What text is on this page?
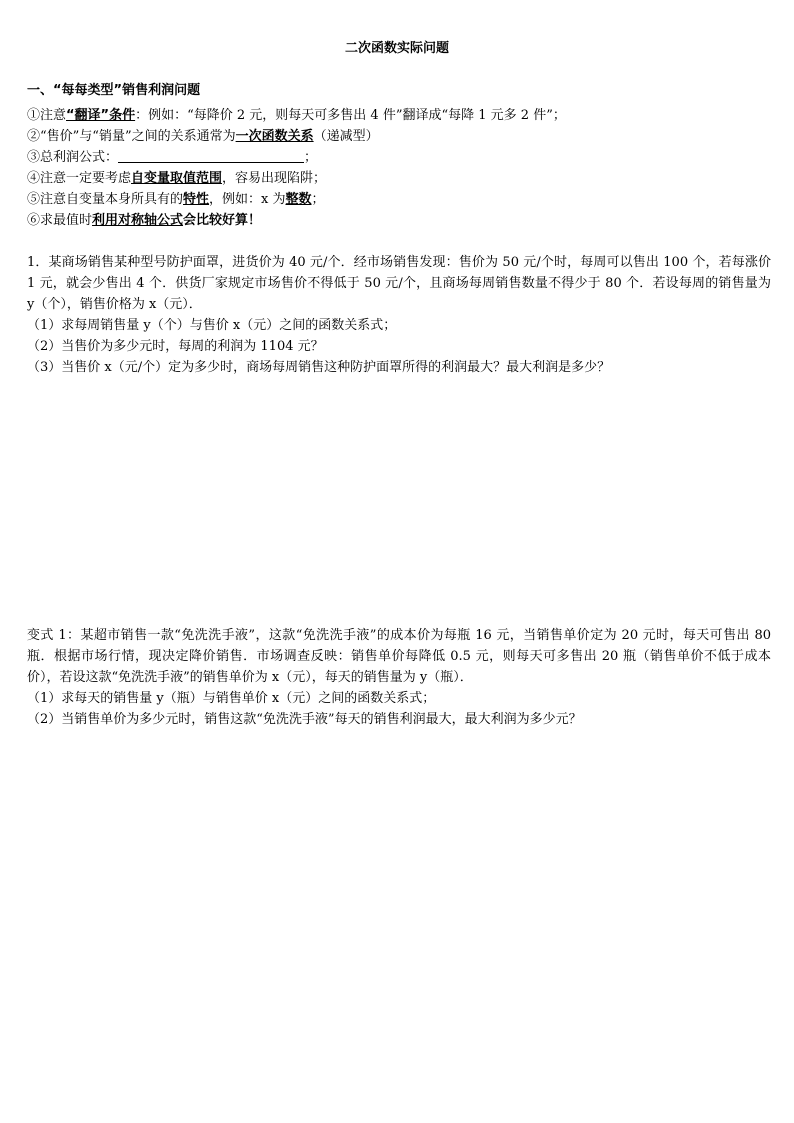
二次函数实际问题
一、“每每类型”销售利润问题
①注意“翻译”条件：例如：“每降价 2 元，则每天可多售出 4 件”翻译成“每降 1 元多 2 件”；
②“售价”与“销量”之间的关系通常为一次函数关系（递减型）
③总利润公式：	；
④注意一定要考虑自变量取值范围，容易出现陷阱；
⑤注意自变量本身所具有的特性，例如：x 为整数；
⑥求最值时利用对称轴公式会比较好算！
1．某商场销售某种型号防护面罩，进货价为 40 元/个．经市场销售发现：售价为 50 元/个时，每周可以售出 100 个，若每涨价 1 元，就会少售出 4 个．供货厂家规定市场售价不得低于 50 元/个，且商场每周销售数量不得少于 80 个．若设每周的销售量为 y（个），销售价格为 x（元）．
（1）求每周销售量 y（个）与售价 x（元）之间的函数关系式；
（2）当售价为多少元时，每周的利润为 1104 元？
（3）当售价 x（元/个）定为多少时，商场每周销售这种防护面罩所得的利润最大？最大利润是多少？
变式 1：某超市销售一款“免洗洗手液”，这款“免洗洗手液”的成本价为每瓶 16 元，当销售单价定为 20 元时，每天可售出 80 瓶．根据市场行情，现决定降价销售．市场调查反映：销售单价每降低 0.5 元，则每天可多售出 20 瓶（销售单价不低于成本价），若设这款“免洗洗手液”的销售单价为 x（元），每天的销售量为 y（瓶）．
（1）求每天的销售量 y（瓶）与销售单价 x（元）之间的函数关系式；
（2）当销售单价为多少元时，销售这款“免洗洗手液”每天的销售利润最大，最大利润为多少元？
